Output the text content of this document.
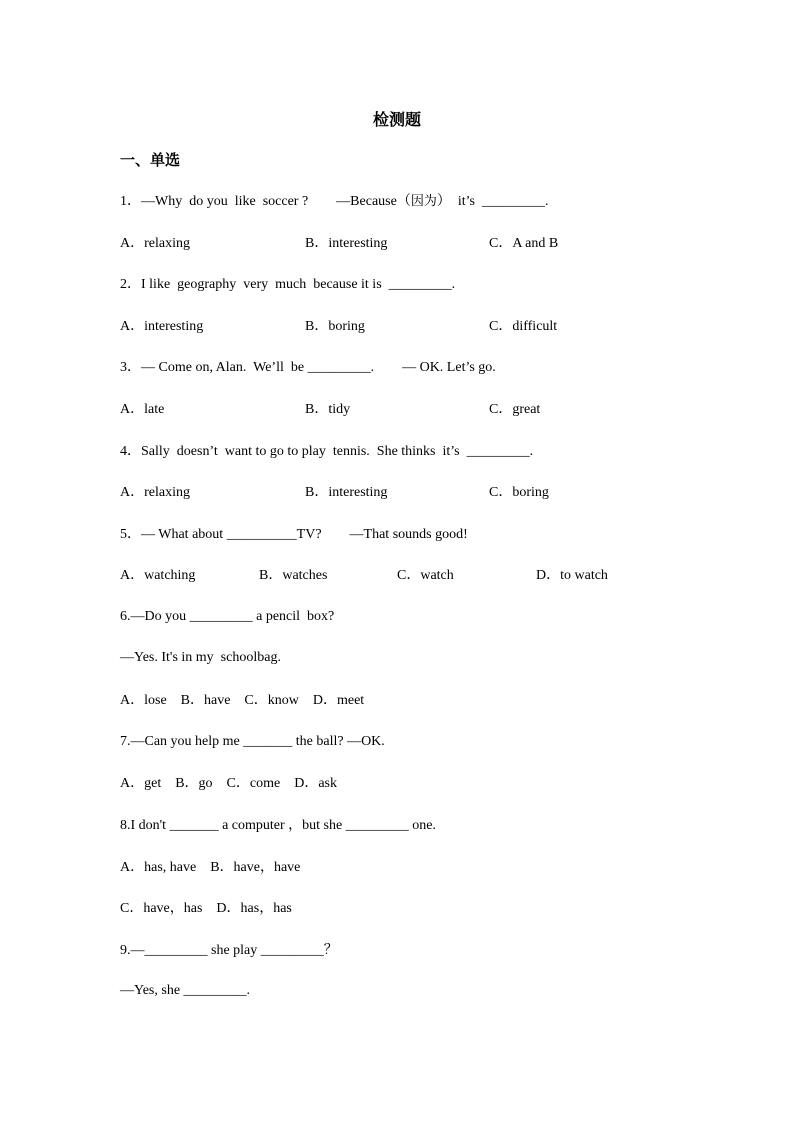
检测题
一、单选
1．—Why  do you  like  soccer ?        —Because（因为）  it’s  _________.
A．relaxing	B．interesting	C．A and B
2．I like  geography  very  much  because it is  _________.
A．interesting	B．boring	C．difficult
3．— Come on, Alan.  We’ll  be _________.        — OK. Let’s go.
A．late	B．tidy	C．great
4．Sally  doesn’t  want to go to play  tennis.  She thinks  it’s  _________.
A．relaxing	B．interesting	C．boring
5．— What about __________TV?        —That sounds good!
A．watching	B．watches	C．watch	D．to watch
6.—Do you _________ a pencil  box?
—Yes. It's in my  schoolbag.
A．lose    B．have    C．know    D．meet
7.—Can you help me _______ the ball? —OK.
A．get    B．go    C．come    D．ask
8.I don't _______ a computer ，but she _________ one.
A．has, have    B．have，have
C．have，has    D．has，has
9.—_________ she play _________？
—Yes, she _________.
